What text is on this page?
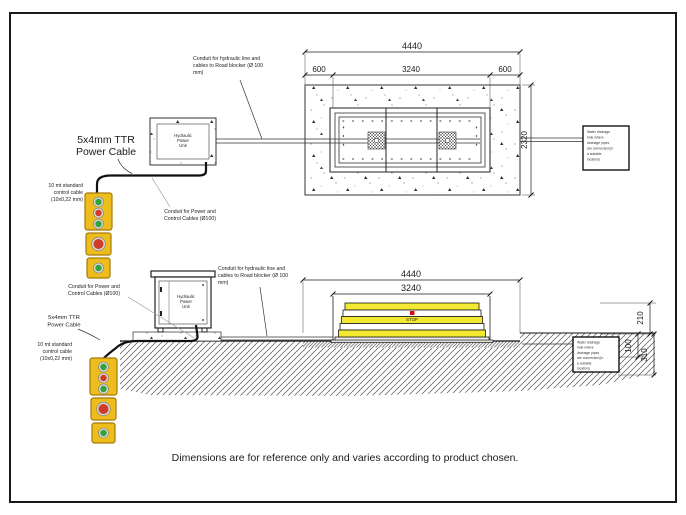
4440
600	3240	600
2320	Water drainage
hole where
drainage pipes
are connected (in
a suitable
location)
Hydraulic
Power
Unit
Conduit for hydraulic line and
cables to Road blocker (Ø 100
mm)
5x4mm TTR
Power Cable
Conduit for Power and
Control Cables (Ø100)
10 mt standard
control cable
(10x0,22 mm)
4440
3240
STOP	210
100
310
Water drainage
hole where
drainage pipes
are connected (in
a suitable
location)
Hydraulic
Power
Unit
Conduit for hydraulic line and
cables to Road blocker (Ø 100
mm)
Conduit for Power and
Control Cables (Ø100)
5x4mm TTR
Power Cable
10 mt standard
control cable
(10x0,22 mm)
Dimensions are for reference only and varies according to product chosen.
